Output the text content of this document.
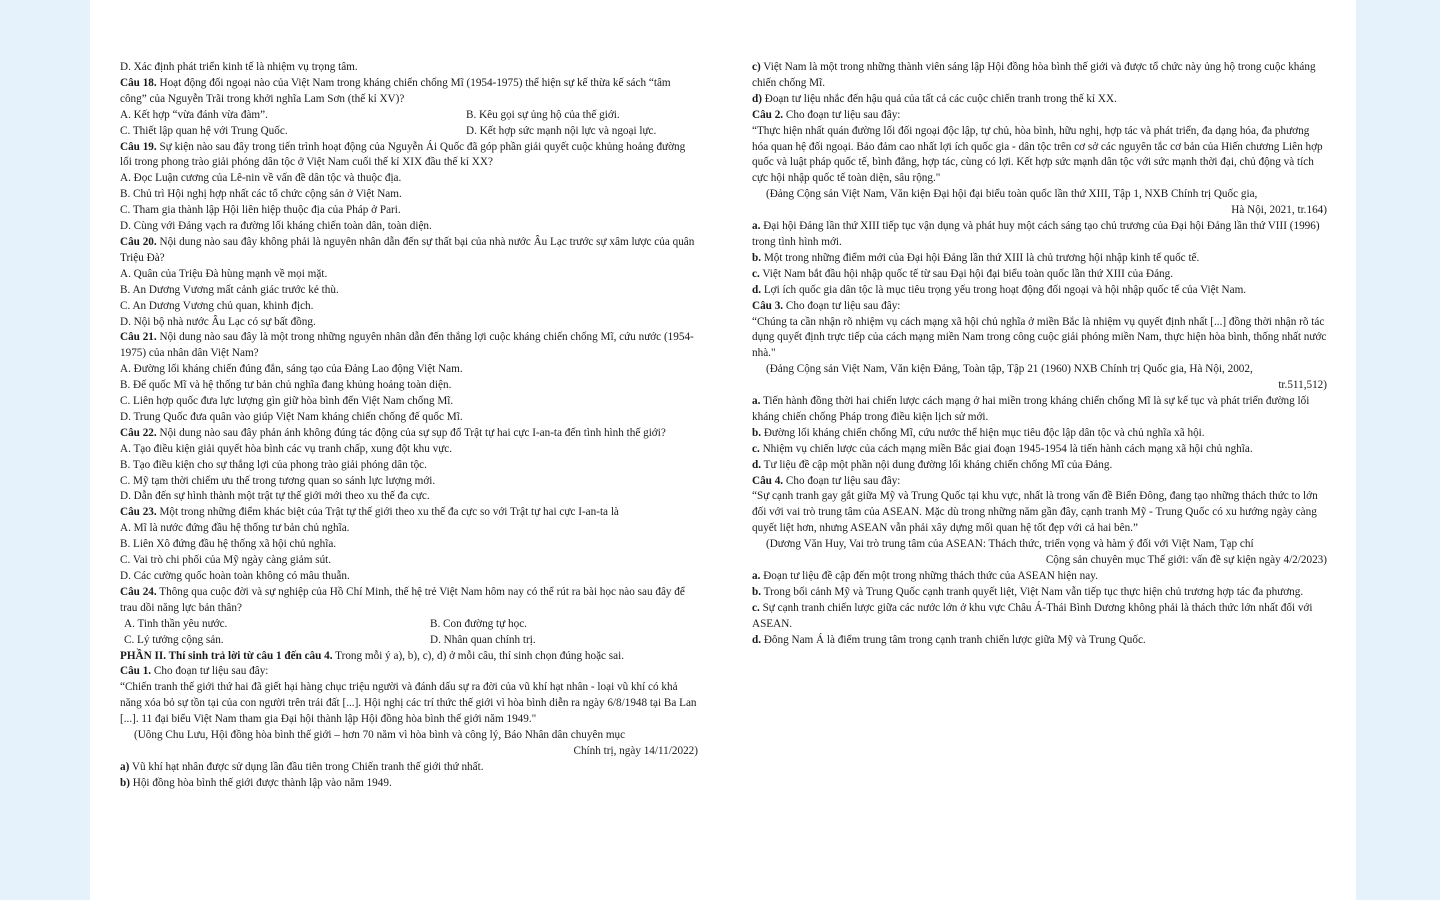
D. Xác định phát triển kinh tế là nhiệm vụ trọng tâm.
Câu 18. Hoạt động đối ngoại nào của Việt Nam trong kháng chiến chống Mĩ (1954-1975) thể hiện sự kế thừa kế sách “tâm công” của Nguyễn Trãi trong khởi nghĩa Lam Sơn (thế kỉ XV)?
A. Kết hợp “vừa đánh vừa đàm”.	B. Kêu gọi sự ủng hộ của thế giới.
C. Thiết lập quan hệ với Trung Quốc.	D. Kết hợp sức mạnh nội lực và ngoại lực.
Câu 19. Sự kiện nào sau đây trong tiến trình hoạt động của Nguyễn Ái Quốc đã góp phần giải quyết cuộc khủng hoảng đường lối trong phong trào giải phóng dân tộc ở Việt Nam cuối thế kỉ XIX đầu thế kỉ XX?
A. Đọc Luận cương của Lê-nin về vấn đề dân tộc và thuộc địa.
B. Chủ trì Hội nghị hợp nhất các tổ chức cộng sản ở Việt Nam.
C. Tham gia thành lập Hội liên hiệp thuộc địa của Pháp ở Pari.
D. Cùng với Đảng vạch ra đường lối kháng chiến toàn dân, toàn diện.
Câu 20. Nội dung nào sau đây không phải là nguyên nhân dẫn đến sự thất bại của nhà nước Âu Lạc trước sự xâm lược của quân Triệu Đà?
A. Quân của Triệu Đà hùng mạnh về mọi mặt.
B. An Dương Vương mất cảnh giác trước kẻ thù.
C. An Dương Vương chủ quan, khinh địch.
D. Nội bộ nhà nước Âu Lạc có sự bất đồng.
Câu 21. Nội dung nào sau đây là một trong những nguyên nhân dẫn đến thắng lợi cuộc kháng chiến chống Mĩ, cứu nước (1954-1975) của nhân dân Việt Nam?
A. Đường lối kháng chiến đúng đắn, sáng tạo của Đảng Lao động Việt Nam.
B. Đế quốc Mĩ và hệ thống tư bản chủ nghĩa đang khủng hoảng toàn diện.
C. Liên hợp quốc đưa lực lượng gìn giữ hòa bình đến Việt Nam chống Mĩ.
D. Trung Quốc đưa quân vào giúp Việt Nam kháng chiến chống đế quốc Mĩ.
Câu 22. Nội dung nào sau đây phản ánh không đúng tác động của sự sụp đổ Trật tự hai cực I-an-ta đến tình hình thế giới?
A. Tạo điều kiện giải quyết hòa bình các vụ tranh chấp, xung đột khu vực.
B. Tạo điều kiện cho sự thắng lợi của phong trào giải phóng dân tộc.
C. Mỹ tạm thời chiếm ưu thế trong tương quan so sánh lực lượng mới.
D. Dẫn đến sự hình thành một trật tự thế giới mới theo xu thế đa cực.
Câu 23. Một trong những điểm khác biệt của Trật tự thế giới theo xu thế đa cực so với Trật tự hai cực I-an-ta là
A. Mĩ là nước đứng đầu hệ thống tư bản chủ nghĩa.
B. Liên Xô đứng đầu hệ thống xã hội chủ nghĩa.
C. Vai trò chi phối của Mỹ ngày càng giảm sút.
D. Các cường quốc hoàn toàn không có mâu thuẫn.
Câu 24. Thông qua cuộc đời và sự nghiệp của Hồ Chí Minh, thế hệ trẻ Việt Nam hôm nay có thể rút ra bài học nào sau đây để trau dồi năng lực bản thân?
A. Tinh thần yêu nước.	B. Con đường tự học.
C. Lý tưởng cộng sản.	D. Nhân quan chính trị.
PHẦN II. Thí sinh trả lời từ câu 1 đến câu 4. Trong mỗi ý a), b), c), d) ở mỗi câu, thí sinh chọn đúng hoặc sai.
Câu 1. Cho đoạn tư liệu sau đây:
“Chiến tranh thế giới thứ hai đã giết hại hàng chục triệu người và đánh dấu sự ra đời của vũ khí hạt nhân - loại vũ khí có khả năng xóa bỏ sự tồn tại của con người trên trái đất [...]. Hội nghị các trí thức thế giới vì hòa bình diễn ra ngày 6/8/1948 tại Ba Lan [...]. 11 đại biểu Việt Nam tham gia Đại hội thành lập Hội đồng hòa bình thế giới năm 1949."
(Uông Chu Lưu, Hội đồng hòa bình thế giới – hơn 70 năm vì hòa bình và công lý, Báo Nhân dân chuyên mục
Chính trị, ngày 14/11/2022)
a) Vũ khí hạt nhân được sử dụng lần đầu tiên trong Chiến tranh thế giới thứ nhất.
b) Hội đồng hòa bình thế giới được thành lập vào năm 1949.
c) Việt Nam là một trong những thành viên sáng lập Hội đồng hòa bình thế giới và được tổ chức này ủng hộ trong cuộc kháng chiến chống Mĩ.
d) Đoạn tư liệu nhắc đến hậu quả của tất cả các cuộc chiến tranh trong thế kỉ XX.
Câu 2. Cho đoạn tư liệu sau đây:
“Thực hiện nhất quán đường lối đối ngoại độc lập, tự chủ, hòa bình, hữu nghị, hợp tác và phát triển, đa dạng hóa, đa phương hóa quan hệ đối ngoại. Bảo đảm cao nhất lợi ích quốc gia - dân tộc trên cơ sở các nguyên tắc cơ bản của Hiến chương Liên hợp quốc và luật pháp quốc tế, bình đẳng, hợp tác, cùng có lợi. Kết hợp sức mạnh dân tộc với sức mạnh thời đại, chủ động và tích cực hội nhập quốc tế toàn diện, sâu rộng."
(Đảng Cộng sản Việt Nam, Văn kiện Đại hội đại biểu toàn quốc lần thứ XIII, Tập 1, NXB Chính trị Quốc gia,
Hà Nội, 2021, tr.164)
a. Đại hội Đảng lần thứ XIII tiếp tục vận dụng và phát huy một cách sáng tạo chủ trương của Đại hội Đảng lần thứ VIII (1996) trong tình hình mới.
b. Một trong những điểm mới của Đại hội Đảng lần thứ XIII là chủ trương hội nhập kinh tế quốc tế.
c. Việt Nam bắt đầu hội nhập quốc tế từ sau Đại hội đại biểu toàn quốc lần thứ XIII của Đảng.
d. Lợi ích quốc gia dân tộc là mục tiêu trọng yếu trong hoạt động đối ngoại và hội nhập quốc tế của Việt Nam.
Câu 3. Cho đoạn tư liệu sau đây:
“Chúng ta cần nhận rõ nhiệm vụ cách mạng xã hội chủ nghĩa ở miền Bắc là nhiệm vụ quyết định nhất [...] đồng thời nhận rõ tác dụng quyết định trực tiếp của cách mạng miền Nam trong công cuộc giải phóng miền Nam, thực hiện hòa bình, thống nhất nước nhà."
(Đảng Cộng sản Việt Nam, Văn kiện Đảng, Toàn tập, Tập 21 (1960) NXB Chính trị Quốc gia, Hà Nội, 2002,
tr.511,512)
a. Tiến hành đồng thời hai chiến lược cách mạng ở hai miền trong kháng chiến chống Mĩ là sự kế tục và phát triển đường lối kháng chiến chống Pháp trong điều kiện lịch sử mới.
b. Đường lối kháng chiến chống Mĩ, cứu nước thể hiện mục tiêu độc lập dân tộc và chủ nghĩa xã hội.
c. Nhiệm vụ chiến lược của cách mạng miền Bắc giai đoạn 1945-1954 là tiến hành cách mạng xã hội chủ nghĩa.
d. Tư liệu đề cập một phần nội dung đường lối kháng chiến chống Mĩ của Đảng.
Câu 4. Cho đoạn tư liệu sau đây:
“Sự cạnh tranh gay gắt giữa Mỹ và Trung Quốc tại khu vực, nhất là trong vấn đề Biển Đông, đang tạo những thách thức to lớn đối với vai trò trung tâm của ASEAN. Mặc dù trong những năm gần đây, cạnh tranh Mỹ - Trung Quốc có xu hướng ngày càng quyết liệt hơn, nhưng ASEAN vẫn phải xây dựng mối quan hệ tốt đẹp với cả hai bên.”
(Dương Văn Huy, Vai trò trung tâm của ASEAN: Thách thức, triển vọng và hàm ý đối với Việt Nam, Tạp chí
Cộng sản chuyên mục Thế giới: vấn đề sự kiện ngày 4/2/2023)
a. Đoạn tư liệu đề cập đến một trong những thách thức của ASEAN hiện nay.
b. Trong bối cảnh Mỹ và Trung Quốc cạnh tranh quyết liệt, Việt Nam vẫn tiếp tục thực hiện chủ trương hợp tác đa phương.
c. Sự cạnh tranh chiến lược giữa các nước lớn ở khu vực Châu Á-Thái Bình Dương không phải là thách thức lớn nhất đối với ASEAN.
d. Đông Nam Á là điểm trung tâm trong cạnh tranh chiến lược giữa Mỹ và Trung Quốc.
